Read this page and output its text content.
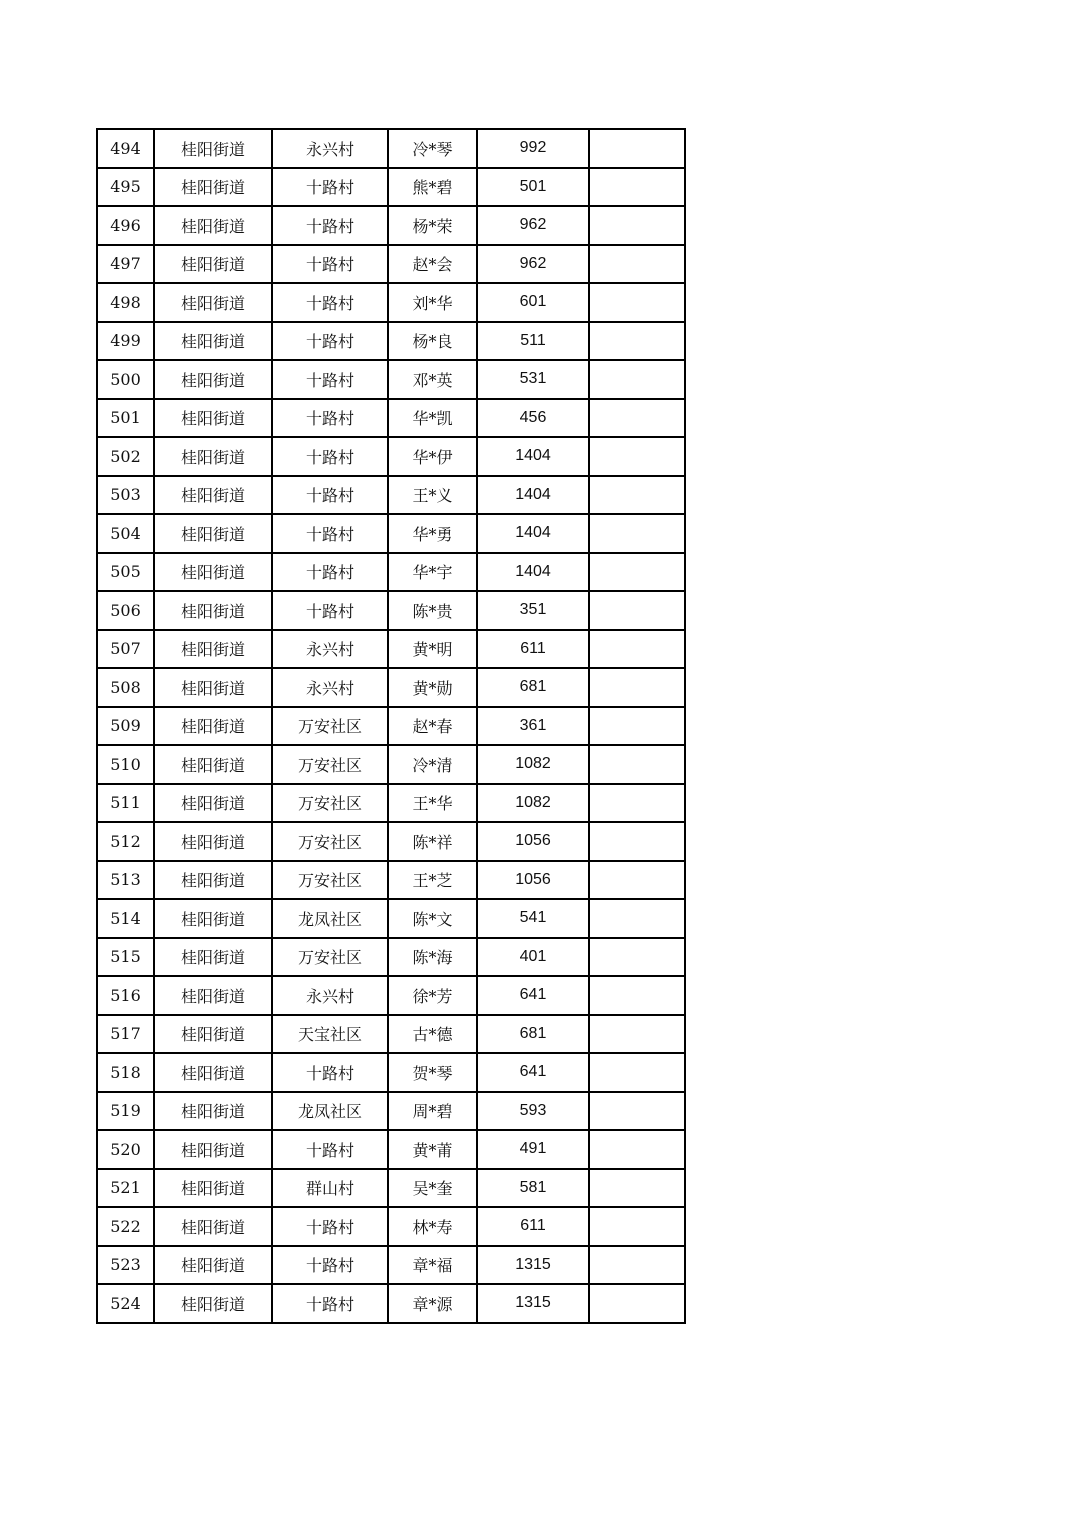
494	桂阳街道	永兴村	冷*琴	992	
495	桂阳街道	十路村	熊*碧	501	
496	桂阳街道	十路村	杨*荣	962	
497	桂阳街道	十路村	赵*会	962	
498	桂阳街道	十路村	刘*华	601	
499	桂阳街道	十路村	杨*良	511	
500	桂阳街道	十路村	邓*英	531	
501	桂阳街道	十路村	华*凯	456	
502	桂阳街道	十路村	华*伊	1404	
503	桂阳街道	十路村	王*义	1404	
504	桂阳街道	十路村	华*勇	1404	
505	桂阳街道	十路村	华*宇	1404	
506	桂阳街道	十路村	陈*贵	351	
507	桂阳街道	永兴村	黄*明	611	
508	桂阳街道	永兴村	黄*勋	681	
509	桂阳街道	万安社区	赵*春	361	
510	桂阳街道	万安社区	冷*清	1082	
511	桂阳街道	万安社区	王*华	1082	
512	桂阳街道	万安社区	陈*祥	1056	
513	桂阳街道	万安社区	王*芝	1056	
514	桂阳街道	龙凤社区	陈*文	541	
515	桂阳街道	万安社区	陈*海	401	
516	桂阳街道	永兴村	徐*芳	641	
517	桂阳街道	天宝社区	古*德	681	
518	桂阳街道	十路村	贺*琴	641	
519	桂阳街道	龙凤社区	周*碧	593	
520	桂阳街道	十路村	黄*莆	491	
521	桂阳街道	群山村	吴*奎	581	
522	桂阳街道	十路村	林*寿	611	
523	桂阳街道	十路村	章*福	1315	
524	桂阳街道	十路村	章*源	1315	
